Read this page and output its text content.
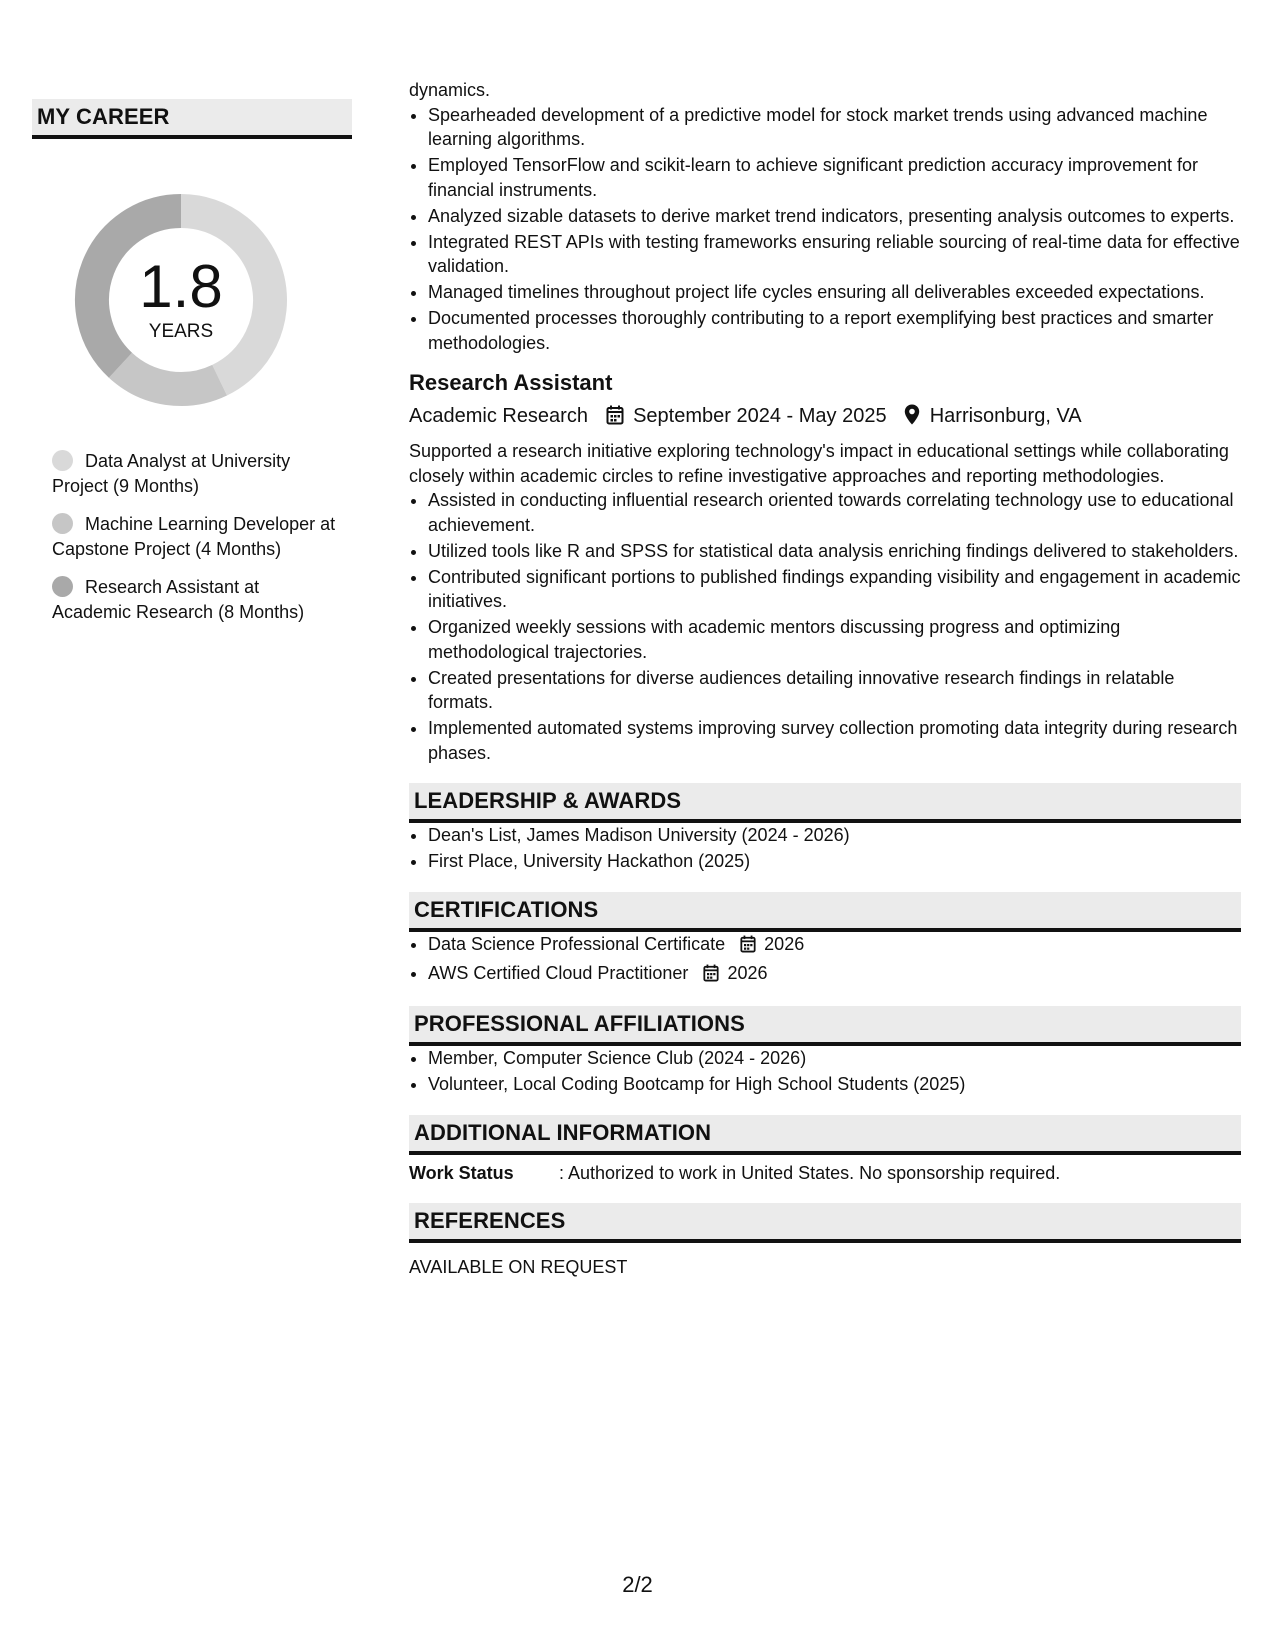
MY CAREER
1.8
YEARS
Data Analyst at University Project (9 Months)
Machine Learning Developer at Capstone Project (4 Months)
Research Assistant at Academic Research (8 Months)
dynamics.
• Spearheaded development of a predictive model for stock market trends using advanced machine learning algorithms.
• Employed TensorFlow and scikit-learn to achieve significant prediction accuracy improvement for financial instruments.
• Analyzed sizable datasets to derive market trend indicators, presenting analysis outcomes to experts.
• Integrated REST APIs with testing frameworks ensuring reliable sourcing of real-time data for effective validation.
• Managed timelines throughout project life cycles ensuring all deliverables exceeded expectations.
• Documented processes thoroughly contributing to a report exemplifying best practices and smarter methodologies.
Research Assistant
Academic Research September 2024 - May 2025 Harrisonburg, VA
Supported a research initiative exploring technology's impact in educational settings while collaborating closely within academic circles to refine investigative approaches and reporting methodologies.
• Assisted in conducting influential research oriented towards correlating technology use to educational achievement.
• Utilized tools like R and SPSS for statistical data analysis enriching findings delivered to stakeholders.
• Contributed significant portions to published findings expanding visibility and engagement in academic initiatives.
• Organized weekly sessions with academic mentors discussing progress and optimizing methodological trajectories.
• Created presentations for diverse audiences detailing innovative research findings in relatable formats.
• Implemented automated systems improving survey collection promoting data integrity during research phases.
LEADERSHIP & AWARDS
• Dean's List, James Madison University (2024 - 2026)
• First Place, University Hackathon (2025)
CERTIFICATIONS
• Data Science Professional Certificate 2026
• AWS Certified Cloud Practitioner 2026
PROFESSIONAL AFFILIATIONS
• Member, Computer Science Club (2024 - 2026)
• Volunteer, Local Coding Bootcamp for High School Students (2025)
ADDITIONAL INFORMATION
Work Status	: Authorized to work in United States. No sponsorship required.
REFERENCES
AVAILABLE ON REQUEST
2/2
